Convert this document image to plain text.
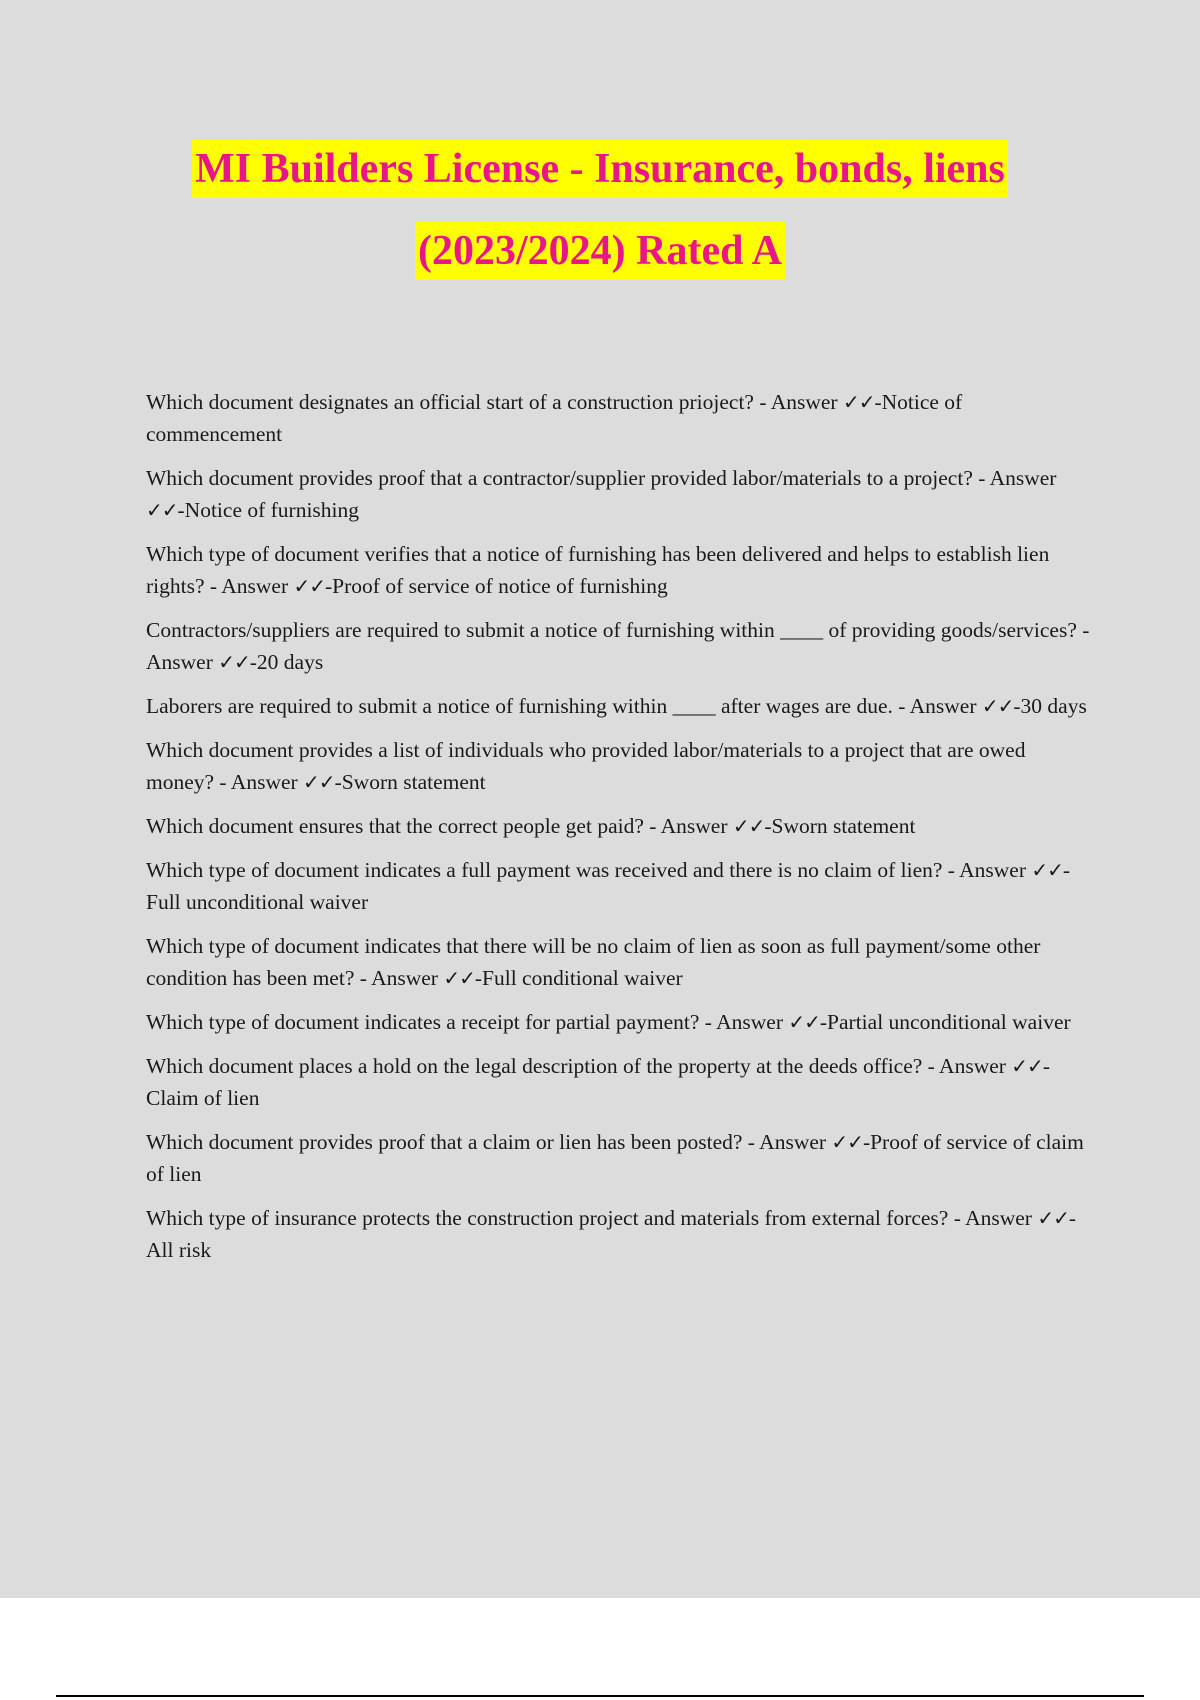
MI Builders License - Insurance, bonds, liens
(2023/2024) Rated A
Which document designates an official start of a construction prioject? - Answer ✓✓-Notice of commencement
Which document provides proof that a contractor/supplier provided labor/materials to a project? - Answer ✓✓-Notice of furnishing
Which type of document verifies that a notice of furnishing has been delivered and helps to establish lien rights? - Answer ✓✓-Proof of service of notice of furnishing
Contractors/suppliers are required to submit a notice of furnishing within ____ of providing goods/services? - Answer ✓✓-20 days
Laborers are required to submit a notice of furnishing within ____ after wages are due. - Answer ✓✓-30 days
Which document provides a list of individuals who provided labor/materials to a project that are owed money? - Answer ✓✓-Sworn statement
Which document ensures that the correct people get paid? - Answer ✓✓-Sworn statement
Which type of document indicates a full payment was received and there is no claim of lien? - Answer ✓✓-Full unconditional waiver
Which type of document indicates that there will be no claim of lien as soon as full payment/some other condition has been met? - Answer ✓✓-Full conditional waiver
Which type of document indicates a receipt for partial payment? - Answer ✓✓-Partial unconditional waiver
Which document places a hold on the legal description of the property at the deeds office? - Answer ✓✓-Claim of lien
Which document provides proof that a claim or lien has been posted? - Answer ✓✓-Proof of service of claim of lien
Which type of insurance protects the construction project and materials from external forces? - Answer ✓✓-All risk
